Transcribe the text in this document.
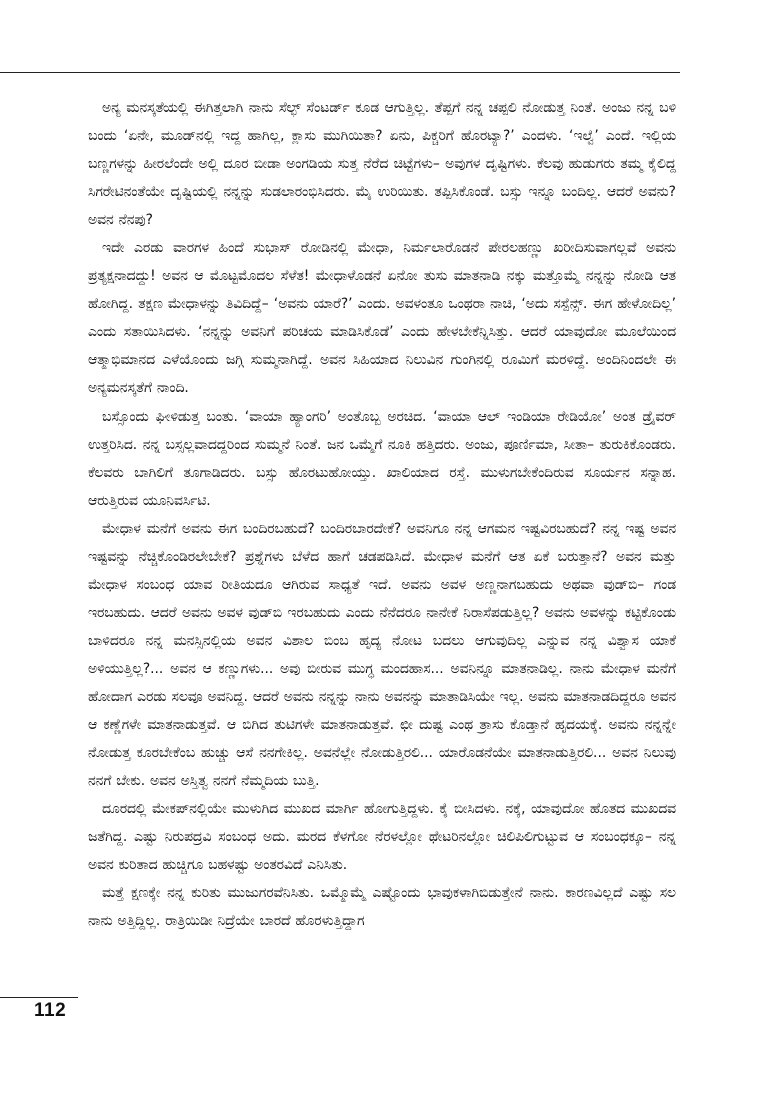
ಅನ್ಯ ಮನಸ್ಕತೆಯಲ್ಲಿ ಈಗಿತ್ತಲಾಗಿ ನಾನು ಸೆಲ್ಫ್ ಸೆಂಟರ್ಡ್ ಕೂಡ ಆಗುತ್ತಿಲ್ಲ. ತೆಪ್ಪಗೆ ನನ್ನ ಚಪ್ಪಲಿ ನೋಡುತ್ತ ನಿಂತೆ. ಅಂಜು ನನ್ನ ಬಳಿ ಬಂದು ‘ಏನೇ, ಮೂಡ್‌ನಲ್ಲಿ ಇದ್ದ ಹಾಗಿಲ್ಲ, ಕ್ಲಾಸು ಮುಗಿಯಿತಾ? ಏನು, ಪಿಕ್ಚರಿಗೆ ಹೊರಟ್ಯಾ?’ ಎಂದಳು. ‘ಇಲ್ವೆ’ ಎಂದೆ. ಇಲ್ಲಿಯ ಬಣ್ಣಗಳನ್ನು ಹೀರಲೆಂದೇ ಅಲ್ಲಿ ದೂರ ಬೀಡಾ ಅಂಗಡಿಯ ಸುತ್ತ ನೆರೆದ ಚಿಟ್ಟೆಗಳು– ಅವುಗಳ ದೃಷ್ಟಿಗಳು. ಕೆಲವು ಹುಡುಗರು ತಮ್ಮ ಕೈಲಿದ್ದ ಸಿಗರೇಟಿನಂತೆಯೇ ದೃಷ್ಟಿಯಲ್ಲಿ ನನ್ನನ್ನು ಸುಡಲಾರಂಭಿಸಿದರು. ಮೈ ಉರಿಯಿತು. ತಪ್ಪಿಸಿಕೊಂಡೆ. ಬಸ್ಸು ಇನ್ನೂ ಬಂದಿಲ್ಲ. ಆದರೆ ಅವನು? ಅವನ ನೆನಪು?

ಇದೇ ಎರಡು ವಾರಗಳ ಹಿಂದೆ ಸುಭಾಸ್ ರೋಡಿನಲ್ಲಿ ಮೇಧಾ, ನಿರ್ಮಲಾರೊಡನೆ ಪೇರಲಹಣ್ಣು ಖರೀದಿಸುವಾಗಲ್ಲವೆ ಅವನು ಪ್ರತ್ಯಕ್ಷನಾದದ್ದು! ಅವನ ಆ ಮೊಟ್ಟಮೊದಲ ಸೆಳೆತ! ಮೇಧಾಳೊಡನೆ ಏನೋ ತುಸು ಮಾತನಾಡಿ ನಕ್ಕು ಮತ್ತೊಮ್ಮೆ ನನ್ನನ್ನು ನೋಡಿ ಆತ ಹೋಗಿದ್ದ. ತಕ್ಷಣ ಮೇಧಾಳನ್ನು ತಿವಿದಿದ್ದೆ– ‘ಅವನು ಯಾರೆ?’ ಎಂದು. ಅವಳಂತೂ ಒಂಥರಾ ನಾಚಿ, ‘ಅದು ಸಸ್ಪೆನ್ಸ್. ಈಗ ಹೇಳೋದಿಲ್ಲ’ ಎಂದು ಸತಾಯಿಸಿದಳು. ‘ನನ್ನನ್ನು ಅವನಿಗೆ ಪರಿಚಯ ಮಾಡಿಸಿಕೊಡೆ’ ಎಂದು ಹೇಳಬೇಕೆನ್ನಿಸಿತ್ತು. ಆದರೆ ಯಾವುದೋ ಮೂಲೆಯಿಂದ ಆತ್ಮಾಭಿಮಾನದ ಎಳೆಯೊಂದು ಜಗ್ಗಿ ಸುಮ್ಮನಾಗಿದ್ದೆ. ಅವನ ಸಿಹಿಯಾದ ನಿಲುವಿನ ಗುಂಗಿನಲ್ಲಿ ರೂಮಿಗೆ ಮರಳಿದ್ದೆ. ಅಂದಿನಿಂದಲೇ ಈ ಅನ್ಯಮನಸ್ಕತೆಗೆ ನಾಂದಿ.

ಬಸ್ಸೊಂದು ಘೀಳಿಡುತ್ತ ಬಂತು. ‘ವಾಯಾ ಹ್ಯಾಂಗರಿ’ ಅಂತೊಬ್ಬ ಅರಚಿದ. ‘ವಾಯಾ ಆಲ್ ಇಂಡಿಯಾ ರೇಡಿಯೋ’ ಅಂತ ಡ್ರೈವರ್ ಉತ್ತರಿಸಿದ. ನನ್ನ ಬಸ್ಸಲ್ಲವಾದದ್ದರಿಂದ ಸುಮ್ಮನೆ ನಿಂತೆ. ಜನ ಒಮ್ಮೆಗೆ ನೂಕಿ ಹತ್ತಿದರು. ಅಂಜು, ಪೂರ್ಣಿಮಾ, ಸೀತಾ– ತುರುಕಿಕೊಂಡರು. ಕೆಲವರು ಬಾಗಿಲಿಗೆ ತೂಗಾಡಿದರು. ಬಸ್ಸು ಹೊರಟುಹೋಯ್ತು. ಖಾಲಿಯಾದ ರಸ್ತೆ. ಮುಳುಗಬೇಕೆಂದಿರುವ ಸೂರ್ಯನ ಸನ್ನಾಹ. ಆರುತ್ತಿರುವ ಯೂನಿವರ್ಸಿಟಿ.

ಮೇಧಾಳ ಮನೆಗೆ ಅವನು ಈಗ ಬಂದಿರಬಹುದೆ? ಬಂದಿರಬಾರದೇಕೆ? ಅವನಿಗೂ ನನ್ನ ಆಗಮನ ಇಷ್ಟವಿರಬಹುದೆ? ನನ್ನ ಇಷ್ಟ ಅವನ ಇಷ್ಟವನ್ನು ನೆಚ್ಚಿಕೊಂಡಿರಲೇಬೇಕೆ? ಪ್ರಶ್ನೆಗಳು ಬೆಳೆದ ಹಾಗೆ ಚಡಪಡಿಸಿದೆ. ಮೇಧಾಳ ಮನೆಗೆ ಆತ ಏಕೆ ಬರುತ್ತಾನೆ? ಅವನ ಮತ್ತು ಮೇಧಾಳ ಸಂಬಂಧ ಯಾವ ರೀತಿಯದೂ ಆಗಿರುವ ಸಾಧ್ಯತೆ ಇದೆ. ಅವನು ಅವಳ ಅಣ್ಣನಾಗಬಹುದು ಅಥವಾ ವುಡ್‌ಬಿ– ಗಂಡ ಇರಬಹುದು. ಆದರೆ ಅವನು ಅವಳ ವುಡ್‌ಬಿ ಇರಬಹುದು ಎಂದು ನೆನೆದರೂ ನಾನೇಕೆ ನಿರಾಸೆಪಡುತ್ತಿಲ್ಲ? ಅವನು ಅವಳನ್ನು ಕಟ್ಟಿಕೊಂಡು ಬಾಳಿದರೂ ನನ್ನ ಮನಸ್ಸಿನಲ್ಲಿಯ ಅವನ ವಿಶಾಲ ಬಿಂಬ ಹೃದ್ಯ ನೋಟ ಬದಲು ಆಗುವುದಿಲ್ಲ ಎನ್ನುವ ನನ್ನ ವಿಶ್ವಾಸ ಯಾಕೆ ಅಳಿಯುತ್ತಿಲ್ಲ?... ಅವನ ಆ ಕಣ್ಣುಗಳು... ಅವು ಬೀರುವ ಮುಗ್ಧ ಮಂದಹಾಸ... ಅವನಿನ್ನೂ ಮಾತನಾಡಿಲ್ಲ. ನಾನು ಮೇಧಾಳ ಮನೆಗೆ ಹೋದಾಗ ಎರಡು ಸಲವೂ ಅವನಿದ್ದ. ಆದರೆ ಅವನು ನನ್ನನ್ನು ನಾನು ಅವನನ್ನು ಮಾತಾಡಿಸಿಯೇ ಇಲ್ಲ. ಅವನು ಮಾತನಾಡದಿದ್ದರೂ ಅವನ ಆ ಕಣ್ಣೆಗಳೇ ಮಾತನಾಡುತ್ತವೆ. ಆ ಬಿಗಿದ ತುಟಿಗಳೇ ಮಾತನಾಡುತ್ತವೆ. ಛೀ ದುಷ್ಟ ಎಂಥ ತ್ರಾಸು ಕೊಡ್ತಾನೆ ಹೃದಯಕ್ಕೆ. ಅವನು ನನ್ನನ್ನೇ ನೋಡುತ್ತ ಕೂರಬೇಕೆಂಬ ಹುಚ್ಚು ಆಸೆ ನನಗೇಕಿಲ್ಲ. ಅವನೆಲ್ಲೇ ನೋಡುತ್ತಿರಲಿ... ಯಾರೊಡನೆಯೇ ಮಾತನಾಡುತ್ತಿರಲಿ... ಅವನ ನಿಲುವು ನನಗೆ ಬೇಕು. ಅವನ ಅಸ್ತಿತ್ವ ನನಗೆ ನೆಮ್ಮದಿಯ ಬುತ್ತಿ.

ದೂರದಲ್ಲಿ ಮೇಕಪ್‌ನಲ್ಲಿಯೇ ಮುಳುಗಿದ ಮುಖದ ಮಾರ್ಗಿ ಹೋಗುತ್ತಿದ್ದಳು. ಕೈ ಬೀಸಿದಳು. ನಕ್ಕೆ, ಯಾವುದೋ ಹೊತದ ಮುಖದವ ಜತೆಗಿದ್ದ. ಎಷ್ಟು ನಿರುಪದ್ರವಿ ಸಂಬಂಧ ಅದು. ಮರದ ಕೆಳಗೋ ನೆರಳಲ್ಲೋ ಥೇಟರಿನಲ್ಲೋ ಚಿಲಿಪಿಲಿಗುಟ್ಟುವ ಆ ಸಂಬಂಧಕ್ಕೂ– ನನ್ನ ಅವನ ಕುರಿತಾದ ಹುಚ್ಚಿಗೂ ಬಹಳಷ್ಟು ಅಂತರವಿದೆ ಎನಿಸಿತು.

ಮತ್ತೆ ಕ್ಷಣಕ್ಕೇ ನನ್ನ ಕುರಿತು ಮುಜುಗರವೆನಿಸಿತು. ಒಮ್ಮೊಮ್ಮೆ ಎಷ್ಟೊಂದು ಭಾವುಕಳಾಗಿಬಿಡುತ್ತೇನೆ ನಾನು. ಕಾರಣವಿಲ್ಲದೆ ಎಷ್ಟು ಸಲ ನಾನು ಅತ್ತಿದ್ದಿಲ್ಲ. ರಾತ್ರಿಯಿಡೀ ನಿದ್ರೆಯೇ ಬಾರದೆ ಹೊರಳುತ್ತಿದ್ದಾಗ

112
